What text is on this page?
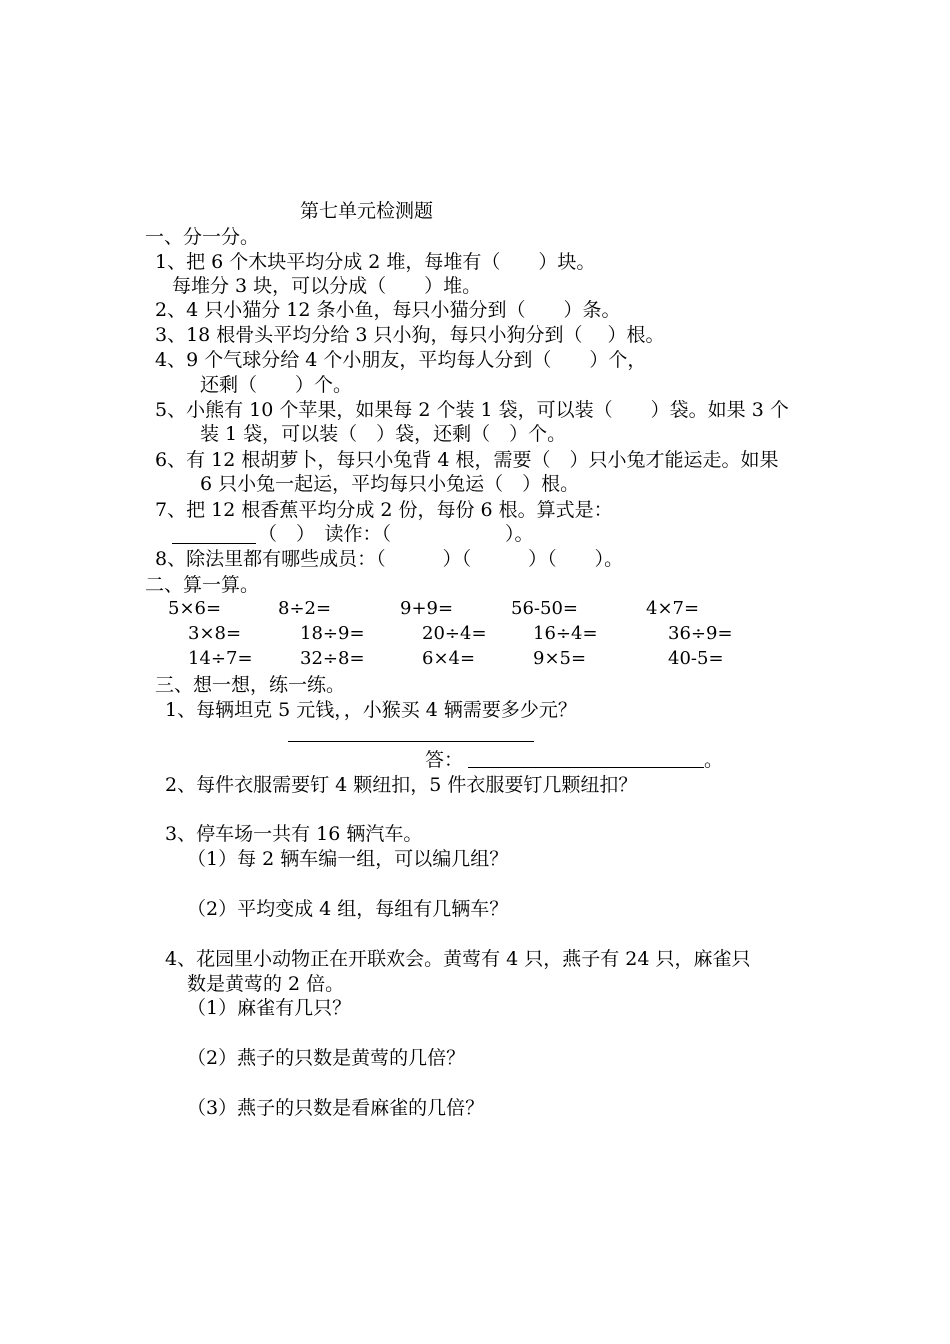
第七单元检测题
一、分一分。
1、把 6 个木块平均分成 2 堆，每堆有（　　）块。
每堆分 3 块，可以分成（　　）堆。
2、4 只小猫分 12 条小鱼，每只小猫分到（　　）条。
3、18 根骨头平均分给 3 只小狗，每只小狗分到（　 ）根。
4、9 个气球分给 4 个小朋友，平均每人分到（　　）个，
还剩（　　）个。
5、小熊有 10 个苹果，如果每 2 个装 1 袋，可以装（　　）袋。如果 3 个
装 1 袋，可以装（　）袋，还剩（　）个。
6、有 12 根胡萝卜，每只小兔背 4 根，需要（　）只小兔才能运走。如果
6 只小兔一起运，平均每只小兔运（　）根。
7、把 12 根香蕉平均分成 2 份，每份 6 根。算式是：
（　）　读作：（　　　　　　）。
8、除法里都有哪些成员：（　　　）（　　　）（　　）。
二、算一算。
5×6=	8÷2=	9+9=	56-50=	4×7=
3×8=	18÷9=	20÷4=	16÷4=	36÷9=
14÷7=	32÷8=	6×4=	9×5=	40-5=
三、想一想，练一练。
1、每辆坦克 5 元钱，，小猴买 4 辆需要多少元？
答：	。
2、每件衣服需要钉 4 颗纽扣，5 件衣服要钉几颗纽扣？
3、停车场一共有 16 辆汽车。
（1）每 2 辆车编一组，可以编几组？
（2）平均变成 4 组，每组有几辆车？
4、花园里小动物正在开联欢会。黄莺有 4 只，燕子有 24 只，麻雀只
数是黄莺的 2 倍。
（1）麻雀有几只？
（2）燕子的只数是黄莺的几倍？
（3）燕子的只数是看麻雀的几倍？
